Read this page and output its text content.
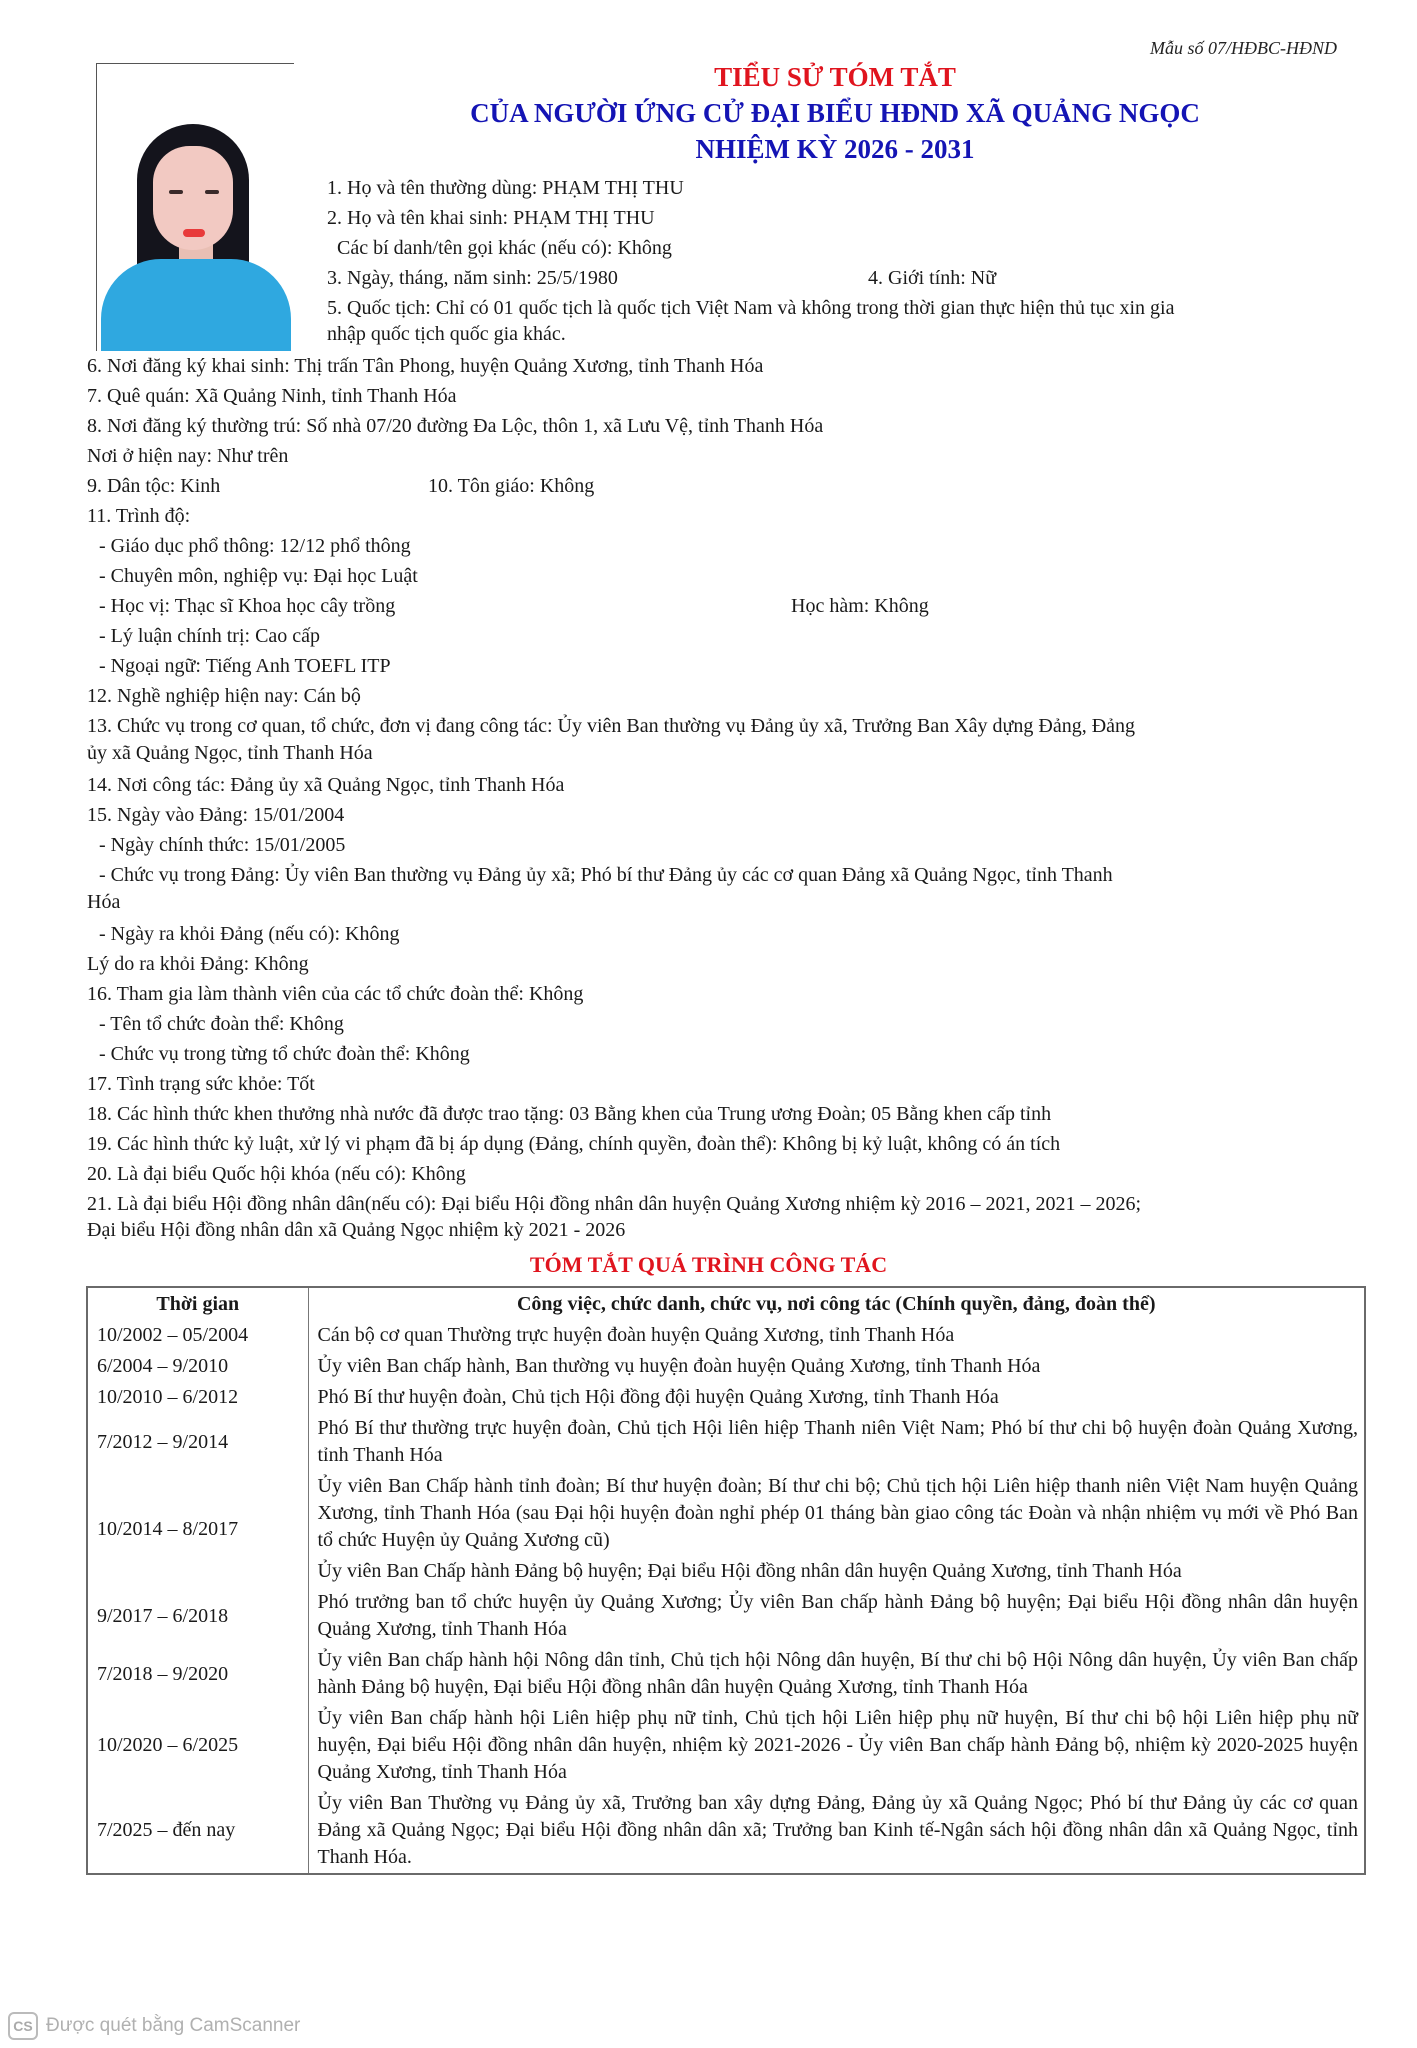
Mẫu số 07/HĐBC-HĐND
TIỂU SỬ TÓM TẮT
CỦA NGƯỜI ỨNG CỬ ĐẠI BIỂU HĐND XÃ QUẢNG NGỌC
NHIỆM KỲ 2026 - 2031
1. Họ và tên thường dùng: PHẠM THỊ THU
2. Họ và tên khai sinh: PHẠM THỊ THU
Các bí danh/tên gọi khác (nếu có): Không
3. Ngày, tháng, năm sinh: 25/5/1980	4. Giới tính: Nữ
5. Quốc tịch: Chỉ có 01 quốc tịch là quốc tịch Việt Nam và không trong thời gian thực hiện thủ tục xin gia
nhập quốc tịch quốc gia khác.
6. Nơi đăng ký khai sinh: Thị trấn Tân Phong, huyện Quảng Xương, tỉnh Thanh Hóa
7. Quê quán: Xã Quảng Ninh, tỉnh Thanh Hóa
8. Nơi đăng ký thường trú: Số nhà 07/20 đường Đa Lộc, thôn 1, xã Lưu Vệ, tỉnh Thanh Hóa
Nơi ở hiện nay: Như trên
9. Dân tộc: Kinh	10. Tôn giáo: Không
11. Trình độ:
- Giáo dục phổ thông: 12/12 phổ thông
- Chuyên môn, nghiệp vụ: Đại học Luật
- Học vị: Thạc sĩ Khoa học cây trồng	Học hàm: Không
- Lý luận chính trị: Cao cấp
- Ngoại ngữ: Tiếng Anh TOEFL ITP
12. Nghề nghiệp hiện nay: Cán bộ
13. Chức vụ trong cơ quan, tổ chức, đơn vị đang công tác: Ủy viên Ban thường vụ Đảng ủy xã, Trưởng Ban Xây dựng Đảng, Đảng
ủy xã Quảng Ngọc, tỉnh Thanh Hóa
14. Nơi công tác: Đảng ủy xã Quảng Ngọc, tỉnh Thanh Hóa
15. Ngày vào Đảng: 15/01/2004
- Ngày chính thức: 15/01/2005
- Chức vụ trong Đảng: Ủy viên Ban thường vụ Đảng ủy xã; Phó bí thư Đảng ủy các cơ quan Đảng xã Quảng Ngọc, tỉnh Thanh
Hóa
- Ngày ra khỏi Đảng (nếu có): Không
Lý do ra khỏi Đảng: Không
16. Tham gia làm thành viên của các tổ chức đoàn thể: Không
- Tên tổ chức đoàn thể: Không
- Chức vụ trong từng tổ chức đoàn thể: Không
17. Tình trạng sức khỏe: Tốt
18. Các hình thức khen thưởng nhà nước đã được trao tặng: 03 Bằng khen của Trung ương Đoàn; 05 Bằng khen cấp tỉnh
19. Các hình thức kỷ luật, xử lý vi phạm đã bị áp dụng (Đảng, chính quyền, đoàn thể): Không bị kỷ luật, không có án tích
20. Là đại biểu Quốc hội khóa (nếu có): Không
21. Là đại biểu Hội đồng nhân dân(nếu có): Đại biểu Hội đồng nhân dân huyện Quảng Xương nhiệm kỳ 2016 – 2021, 2021 – 2026;
Đại biểu Hội đồng nhân dân xã Quảng Ngọc nhiệm kỳ 2021 - 2026
TÓM TẮT QUÁ TRÌNH CÔNG TÁC
Thời gian	Công việc, chức danh, chức vụ, nơi công tác (Chính quyền, đảng, đoàn thể)
10/2002 – 05/2004	Cán bộ cơ quan Thường trực huyện đoàn huyện Quảng Xương, tỉnh Thanh Hóa
6/2004 – 9/2010	Ủy viên Ban chấp hành, Ban thường vụ huyện đoàn huyện Quảng Xương, tỉnh Thanh Hóa
10/2010 – 6/2012	Phó Bí thư huyện đoàn, Chủ tịch Hội đồng đội huyện Quảng Xương, tỉnh Thanh Hóa
7/2012 – 9/2014	Phó Bí thư thường trực huyện đoàn, Chủ tịch Hội liên hiệp Thanh niên Việt Nam; Phó bí thư chi bộ huyện đoàn Quảng Xương, tỉnh Thanh Hóa
10/2014 – 8/2017	Ủy viên Ban Chấp hành tỉnh đoàn; Bí thư huyện đoàn; Bí thư chi bộ; Chủ tịch hội Liên hiệp thanh niên Việt Nam huyện Quảng Xương, tỉnh Thanh Hóa (sau Đại hội huyện đoàn nghỉ phép 01 tháng bàn giao công tác Đoàn và nhận nhiệm vụ mới về Phó Ban tổ chức Huyện ủy Quảng Xương cũ)
	Ủy viên Ban Chấp hành Đảng bộ huyện; Đại biểu Hội đồng nhân dân huyện Quảng Xương, tỉnh Thanh Hóa
9/2017 – 6/2018	Phó trưởng ban tổ chức huyện ủy Quảng Xương; Ủy viên Ban chấp hành Đảng bộ huyện; Đại biểu Hội đồng nhân dân huyện Quảng Xương, tỉnh Thanh Hóa
7/2018 – 9/2020	Ủy viên Ban chấp hành hội Nông dân tỉnh, Chủ tịch hội Nông dân huyện, Bí thư chi bộ Hội Nông dân huyện, Ủy viên Ban chấp hành Đảng bộ huyện, Đại biểu Hội đồng nhân dân huyện Quảng Xương, tỉnh Thanh Hóa
10/2020 – 6/2025	Ủy viên Ban chấp hành hội Liên hiệp phụ nữ tỉnh, Chủ tịch hội Liên hiệp phụ nữ huyện, Bí thư chi bộ hội Liên hiệp phụ nữ huyện, Đại biểu Hội đồng nhân dân huyện, nhiệm kỳ 2021-2026 - Ủy viên Ban chấp hành Đảng bộ, nhiệm kỳ 2020-2025 huyện Quảng Xương, tỉnh Thanh Hóa
7/2025 – đến nay	Ủy viên Ban Thường vụ Đảng ủy xã, Trưởng ban xây dựng Đảng, Đảng ủy xã Quảng Ngọc; Phó bí thư Đảng ủy các cơ quan Đảng xã Quảng Ngọc; Đại biểu Hội đồng nhân dân xã; Trưởng ban Kinh tế-Ngân sách hội đồng nhân dân xã Quảng Ngọc, tỉnh Thanh Hóa.
CS Được quét bằng CamScanner
